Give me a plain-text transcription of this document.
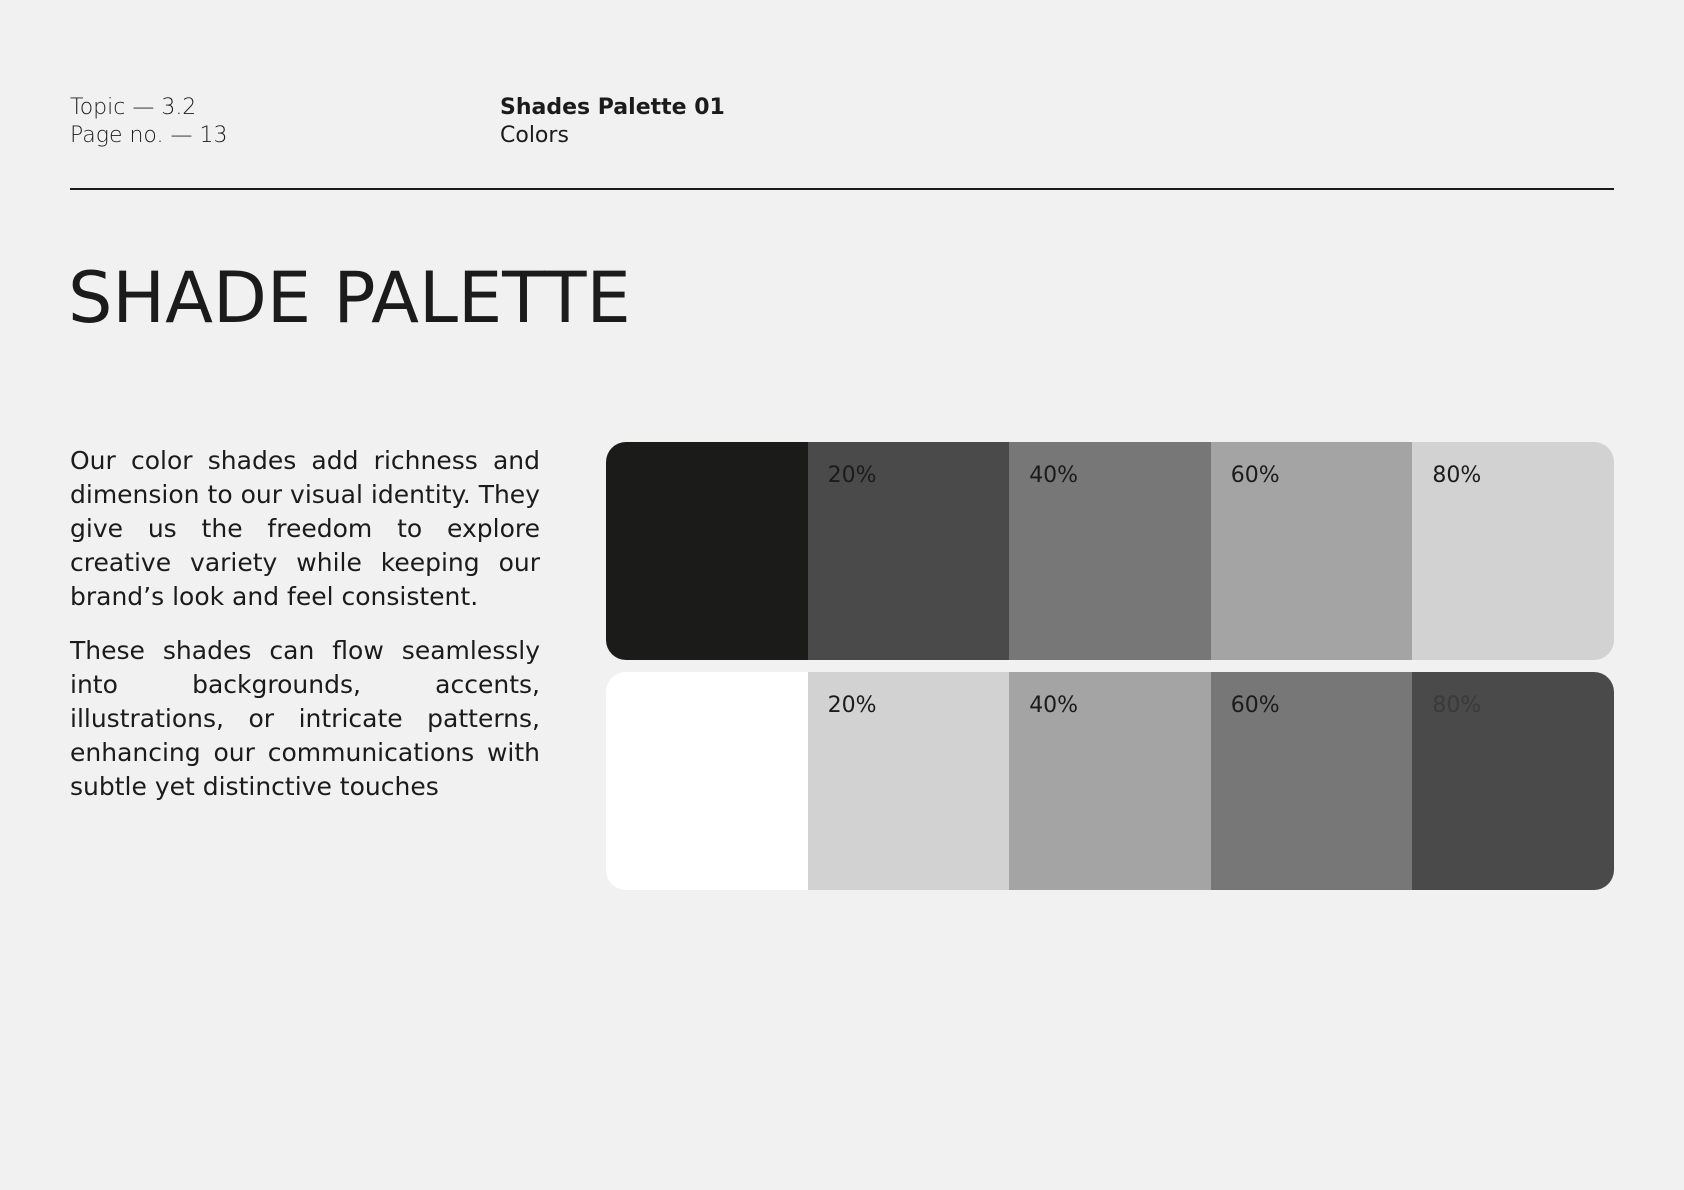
Topic — 3.2
Page no. — 13
Shades Palette 01
Colors
SHADE PALETTE

Our color shades add richness and dimension to our visual identity. They give us the freedom to explore creative variety while keeping our brand’s look and feel consistent.

These shades can flow seamlessly into backgrounds, accents, illustrations, or intricate patterns, enhancing our communications with subtle yet distinctive touches

20%	40%	60%	80%
20%	40%	60%	80%
